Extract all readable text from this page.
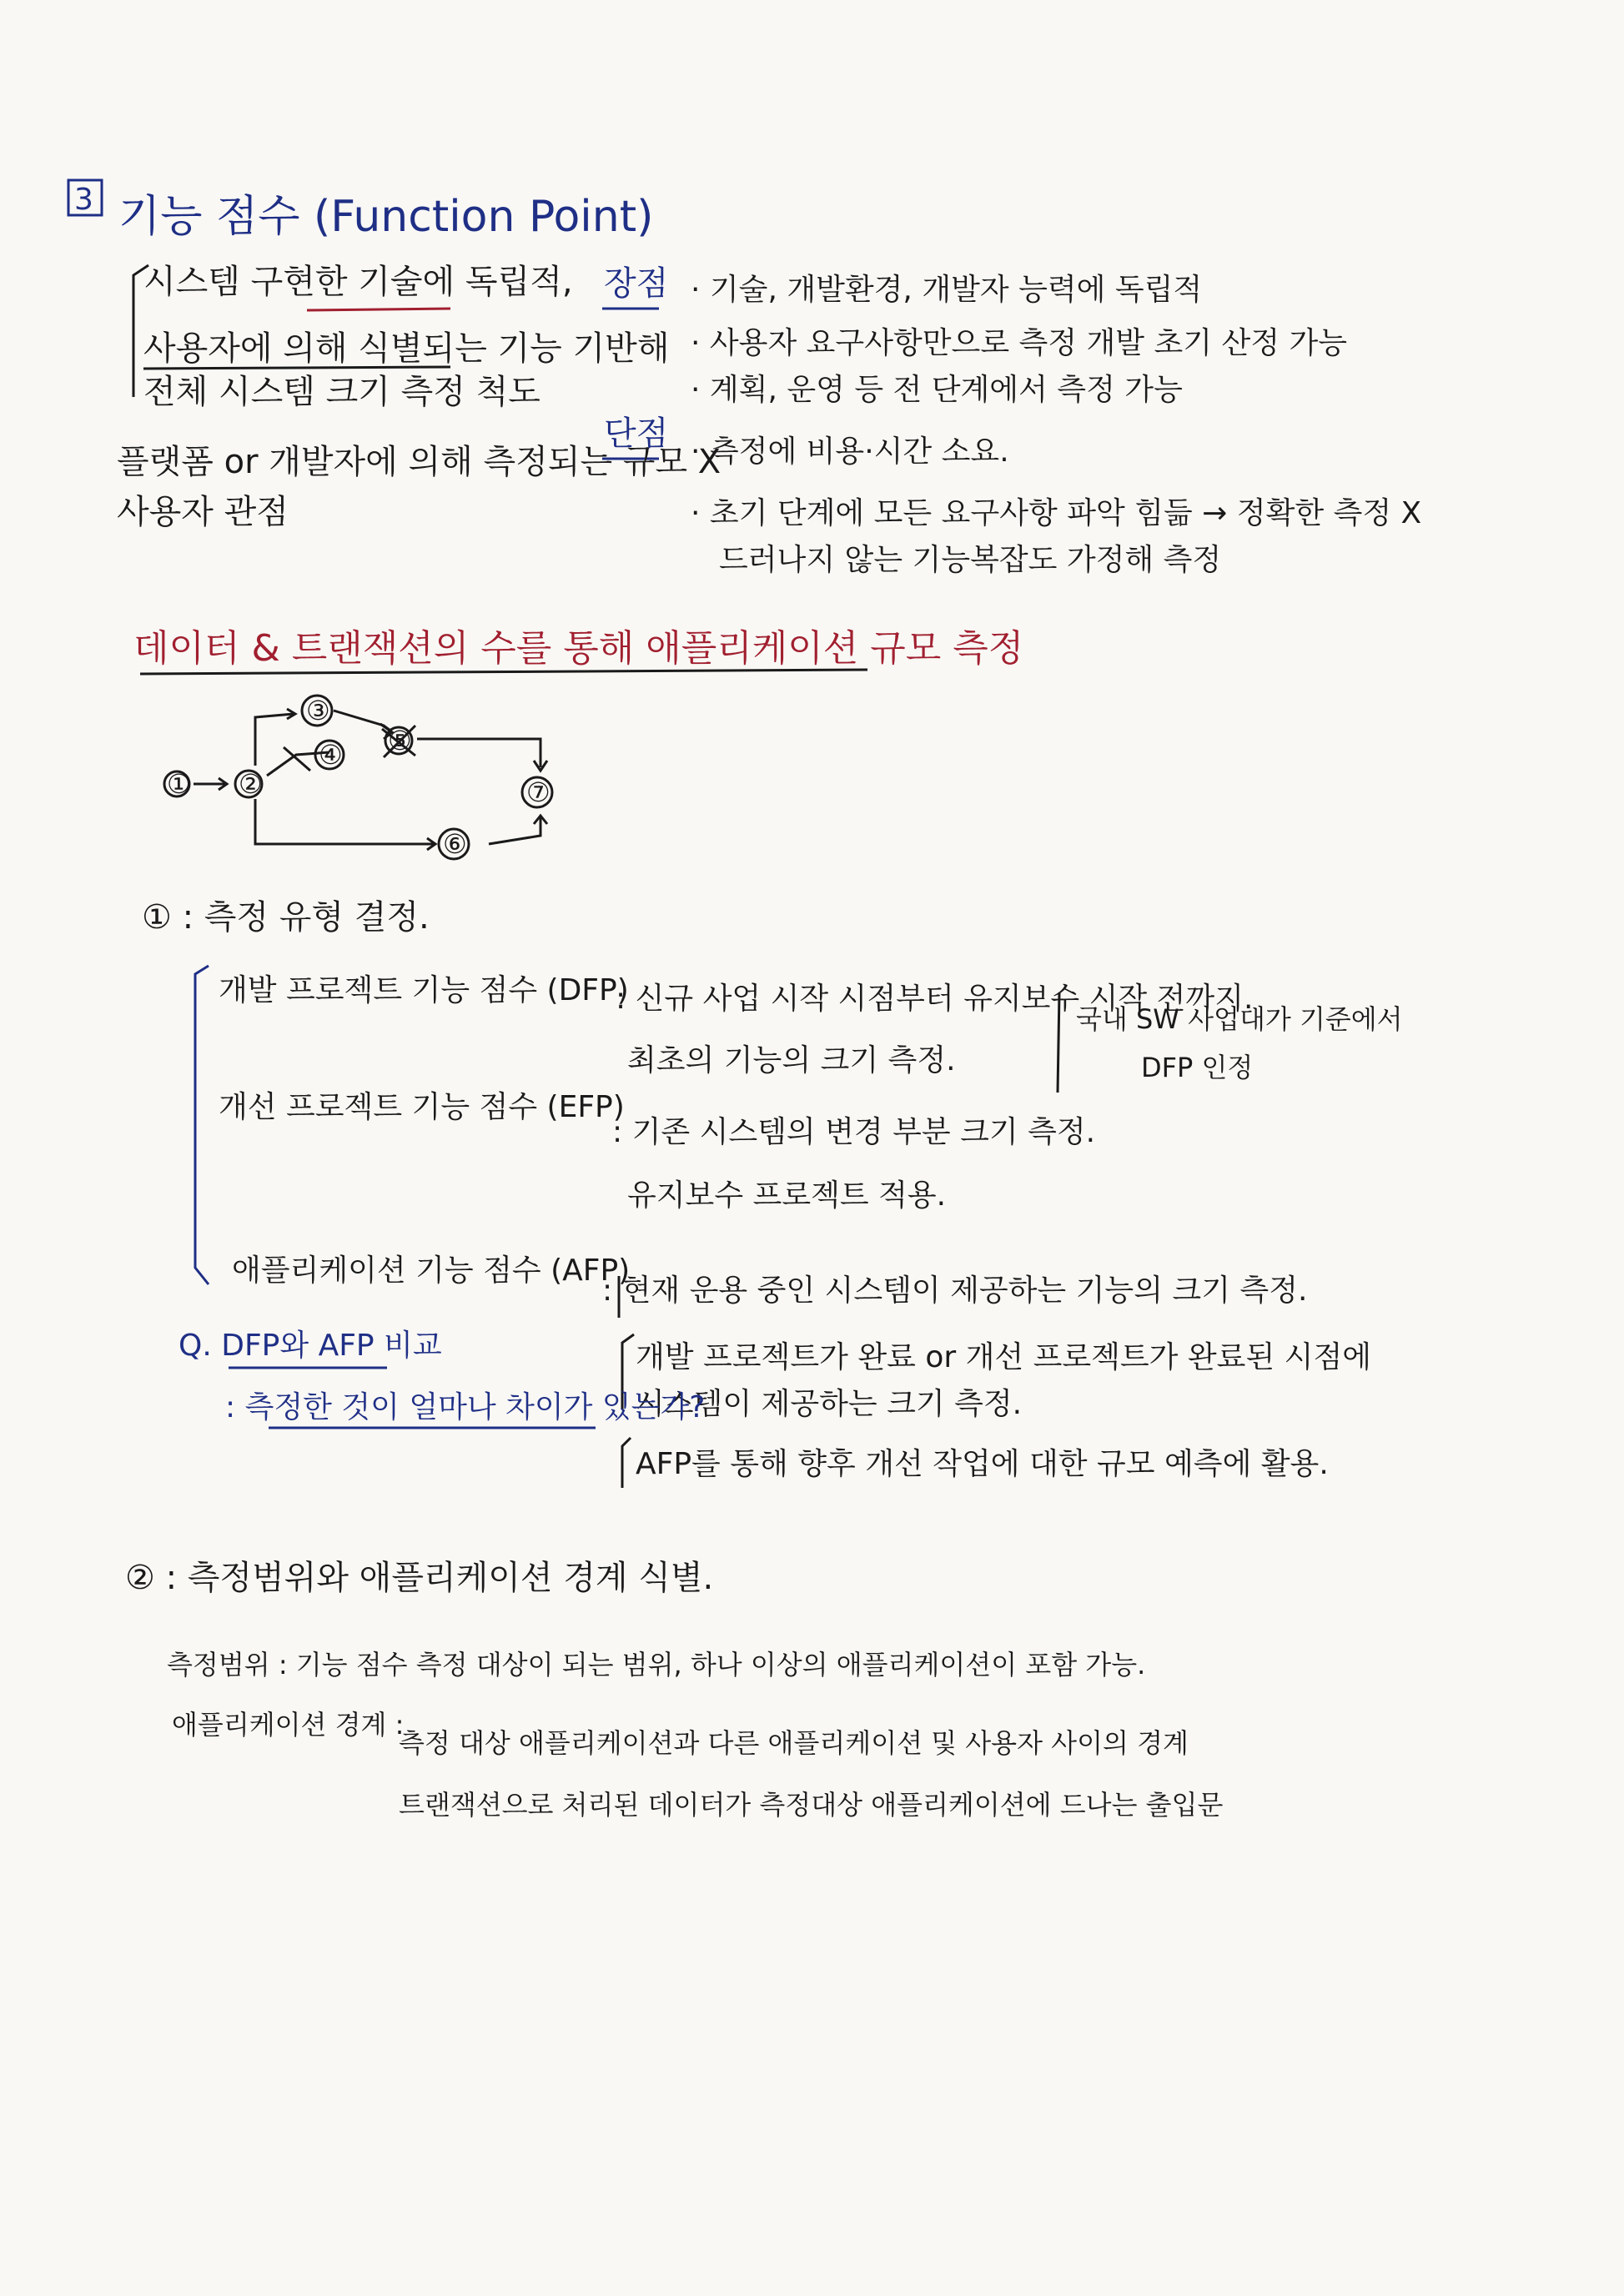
3 기능 점수 (Function Point)
시스템 구현한 기술에 독립적,
사용자에 의해 식별되는 기능 기반해
전체 시스템 크기 측정 척도
플랫폼 or 개발자에 의해 측정되는 규모 X
사용자 관점
장점 · 기술, 개발환경, 개발자 능력에 독립적
· 사용자 요구사항만으로 측정 개발 초기 산정 가능
· 계획, 운영 등 전 단계에서 측정 가능
단점 · 측정에 비용·시간 소요.
· 초기 단계에 모든 요구사항 파악 힘듦 → 정확한 측정 X
드러나지 않는 기능복잡도 가정해 측정
데이터 & 트랜잭션의 수를 통해 애플리케이션 규모 측정
① ②
③
④ ⑤
⑥
⑦
① : 측정 유형 결정.
개발 프로젝트 기능 점수 (DFP)
: 신규 사업 시작 시점부터 유지보수 시작 전까지.
최초의 기능의 크기 측정.
국내 SW 사업대가 기준에서
DFP 인정
개선 프로젝트 기능 점수 (EFP)
: 기존 시스템의 변경 부분 크기 측정.
유지보수 프로젝트 적용.
애플리케이션 기능 점수 (AFP)
: 현재 운용 중인 시스템이 제공하는 기능의 크기 측정.
개발 프로젝트가 완료 or 개선 프로젝트가 완료된 시점에
시스템이 제공하는 크기 측정.
AFP를 통해 향후 개선 작업에 대한 규모 예측에 활용.
Q. DFP와 AFP 비교
: 측정한 것이 얼마나 차이가 있는가?
② : 측정범위와 애플리케이션 경계 식별.
측정범위 : 기능 점수 측정 대상이 되는 범위, 하나 이상의 애플리케이션이 포함 가능.
애플리케이션 경계 :
측정 대상 애플리케이션과 다른 애플리케이션 및 사용자 사이의 경계
트랜잭션으로 처리된 데이터가 측정대상 애플리케이션에 드나는 출입문
